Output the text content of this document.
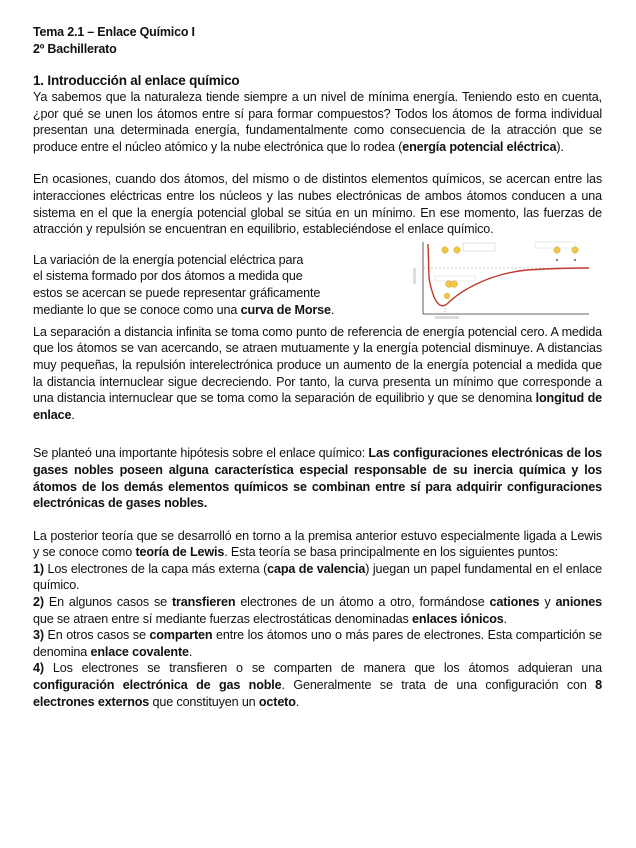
Tema 2.1 – Enlace Químico I
2º Bachillerato
1. Introducción al enlace químico

Ya sabemos que la naturaleza tiende siempre a un nivel de mínima energía. Teniendo esto en cuenta, ¿por qué se unen los átomos entre sí para formar compuestos? Todos los átomos de forma individual presentan una determinada energía, fundamentalmente como consecuencia de la atracción que se produce entre el núcleo atómico y la nube electrónica que lo rodea (energía potencial eléctrica).

En ocasiones, cuando dos átomos, del mismo o de distintos elementos químicos, se acercan entre las interacciones eléctricas entre los núcleos y las nubes electrónicas de ambos átomos conducen a una sistema en el que la energía potencial global se sitúa en un mínimo. En ese momento, las fuerzas de atracción y repulsión se encuentran en equilibrio, estableciéndose el enlace químico.

La variación de la energía potencial eléctrica para
el sistema formado por dos átomos a medida que
estos se acercan se puede representar gráficamente
mediante lo que se conoce como una curva de Morse.

La separación a distancia infinita se toma como punto de referencia de energía potencial cero. A medida que los átomos se van acercando, se atraen mutuamente y la energía potencial disminuye. A distancias muy pequeñas, la repulsión interelectrónica produce un aumento de la energía potencial a medida que la distancia internuclear sigue decreciendo. Por tanto, la curva presenta un mínimo que corresponde a una distancia internuclear que se toma como la separación de equilibrio y que se denomina longitud de enlace.

Se planteó una importante hipótesis sobre el enlace químico: Las configuraciones electrónicas de los gases nobles poseen alguna característica especial responsable de su inercia química y los átomos de los demás elementos químicos se combinan entre sí para adquirir configuraciones electrónicas de gases nobles.

La posterior teoría que se desarrolló en torno a la premisa anterior estuvo especialmente ligada a Lewis y se conoce como teoría de Lewis. Esta teoría se basa principalmente en los siguientes puntos:

1) Los electrones de la capa más externa (capa de valencia) juegan un papel fundamental en el enlace químico.

2) En algunos casos se transfieren electrones de un átomo a otro, formándose cationes y aniones que se atraen entre sí mediante fuerzas electrostáticas denominadas enlaces iónicos.

3) En otros casos se comparten entre los átomos uno o más pares de electrones. Esta compartición se denomina enlace covalente.

4) Los electrones se transfieren o se comparten de manera que los átomos adquieran una configuración electrónica de gas noble. Generalmente se trata de una configuración con 8 electrones externos que constituyen un octeto.
